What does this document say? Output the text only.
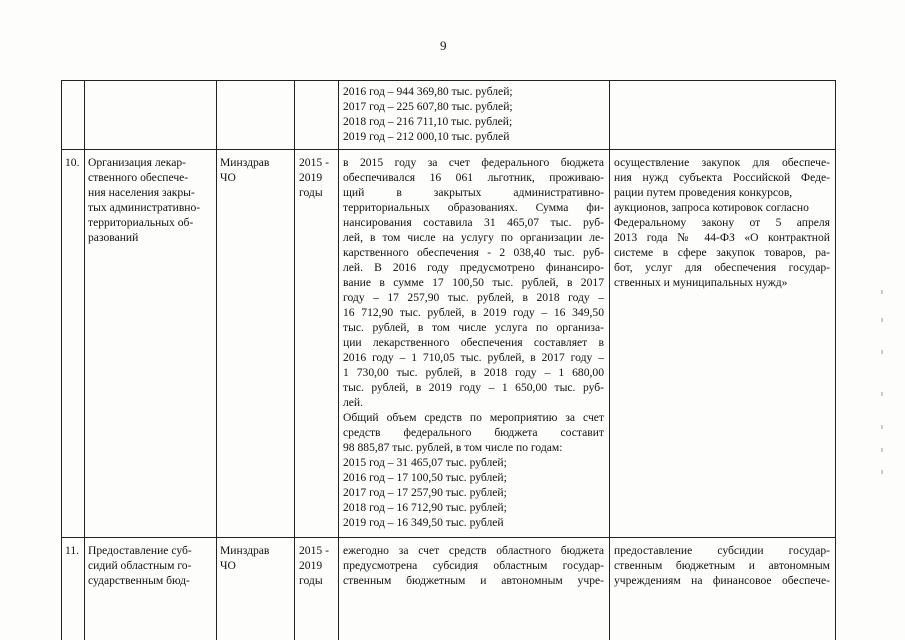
9
2016 год – 944 369,80 тыс. рублей;
2017 год – 225 607,80 тыс. рублей;
2018 год – 216 711,10 тыс. рублей;
2019 год – 212 000,10 тыс. рублей
10. Организация лекар-
ственного обеспече-
ния населения закры-
тых административно-
территориальных об-
разований
Минздрав
ЧО
2015 -
2019
годы
в 2015 году за счет федерального бюджета
обеспечивался 16 061 льготник, проживаю-
щий в закрытых административно-
территориальных образованиях. Сумма фи-
нансирования составила 31 465,07 тыс. руб-
лей, в том числе на услугу по организации ле-
карственного обеспечения - 2 038,40 тыс. руб-
лей. В 2016 году предусмотрено финансиро-
вание в сумме 17 100,50 тыс. рублей, в 2017
году – 17 257,90 тыс. рублей, в 2018 году –
16 712,90 тыс. рублей, в 2019 году – 16 349,50
тыс. рублей, в том числе услуга по организа-
ции лекарственного обеспечения составляет в
2016 году – 1 710,05 тыс. рублей, в 2017 году –
1 730,00 тыс. рублей, в 2018 году – 1 680,00
тыс. рублей, в 2019 году – 1 650,00 тыс. руб-
лей.
Общий объем средств по мероприятию за счет
средств федерального бюджета составит
98 885,87 тыс. рублей, в том числе по годам:
2015 год – 31 465,07 тыс. рублей;
2016 год – 17 100,50 тыс. рублей;
2017 год – 17 257,90 тыс. рублей;
2018 год – 16 712,90 тыс. рублей;
2019 год – 16 349,50 тыс. рублей
осуществление закупок для обеспече-
ния нужд субъекта Российской Феде-
рации путем проведения конкурсов,
аукционов, запроса котировок согласно
Федеральному закону от 5 апреля
2013 года № 44-ФЗ «О контрактной
системе в сфере закупок товаров, ра-
бот, услуг для обеспечения государ-
ственных и муниципальных нужд»
11. Предоставление суб-
сидий областным го-
сударственным бюд-
Минздрав
ЧО
2015 -
2019
годы
ежегодно за счет средств областного бюджета
предусмотрена субсидия областным государ-
ственным бюджетным и автономным учре-
предоставление субсидии государ-
ственным бюджетным и автономным
учреждениям на финансовое обеспече-
